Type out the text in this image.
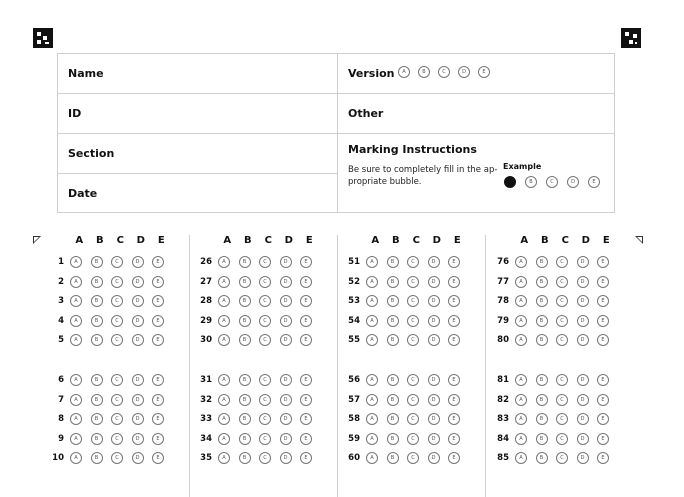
Name
ID
Section
Date
Version	A	B	C	D	E
Other
Marking Instructions
Be sure to completely fill in the ap-propriate bubble.
Example
B	C	D	E
A	B	C	D	E
1	A	B	C	D	E
2	A	B	C	D	E
3	A	B	C	D	E
4	A	B	C	D	E
5	A	B	C	D	E
6	A	B	C	D	E
7	A	B	C	D	E
8	A	B	C	D	E
9	A	B	C	D	E
10	A	B	C	D	E
A	B	C	D	E
26	A	B	C	D	E
27	A	B	C	D	E
28	A	B	C	D	E
29	A	B	C	D	E
30	A	B	C	D	E
31	A	B	C	D	E
32	A	B	C	D	E
33	A	B	C	D	E
34	A	B	C	D	E
35	A	B	C	D	E
A	B	C	D	E
51	A	B	C	D	E
52	A	B	C	D	E
53	A	B	C	D	E
54	A	B	C	D	E
55	A	B	C	D	E
56	A	B	C	D	E
57	A	B	C	D	E
58	A	B	C	D	E
59	A	B	C	D	E
60	A	B	C	D	E
A	B	C	D	E
76	A	B	C	D	E
77	A	B	C	D	E
78	A	B	C	D	E
79	A	B	C	D	E
80	A	B	C	D	E
81	A	B	C	D	E
82	A	B	C	D	E
83	A	B	C	D	E
84	A	B	C	D	E
85	A	B	C	D	E
